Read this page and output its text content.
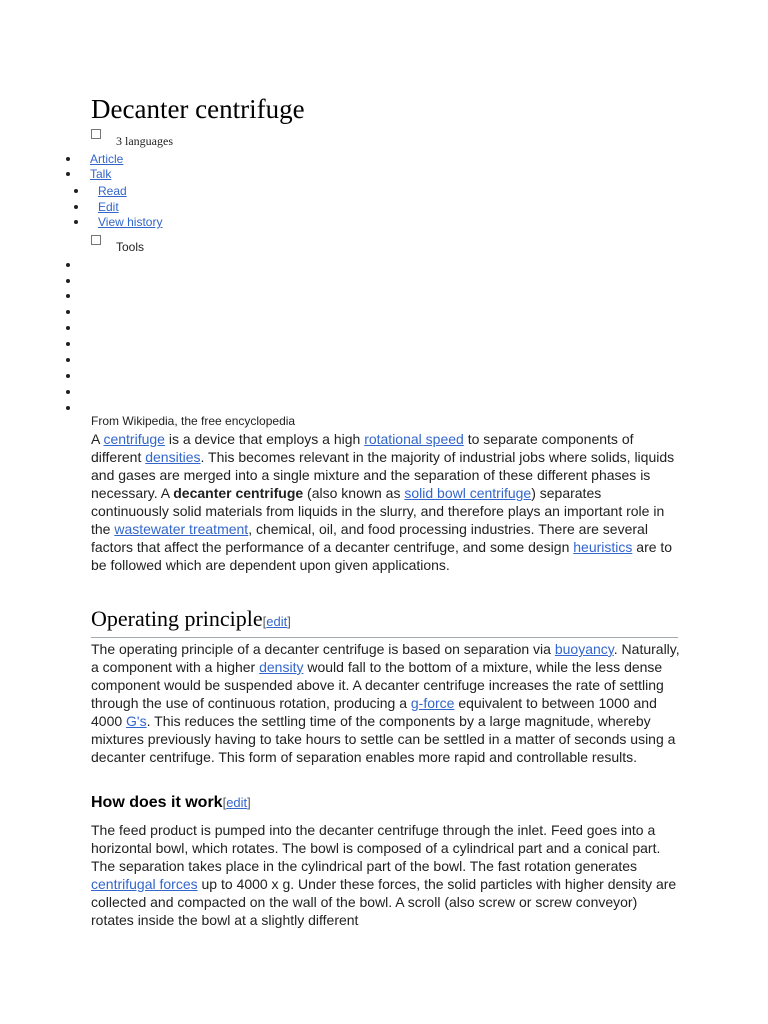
Decanter centrifuge
3 languages
Article
Talk
Read
Edit
View history
Tools

From Wikipedia, the free encyclopedia

A centrifuge is a device that employs a high rotational speed to separate components of different densities. This becomes relevant in the majority of industrial jobs where solids, liquids and gases are merged into a single mixture and the separation of these different phases is necessary. A decanter centrifuge (also known as solid bowl centrifuge) separates continuously solid materials from liquids in the slurry, and therefore plays an important role in the wastewater treatment, chemical, oil, and food processing industries. There are several factors that affect the performance of a decanter centrifuge, and some design heuristics are to be followed which are dependent upon given applications.

Operating principle[edit]

The operating principle of a decanter centrifuge is based on separation via buoyancy. Naturally, a component with a higher density would fall to the bottom of a mixture, while the less dense component would be suspended above it. A decanter centrifuge increases the rate of settling through the use of continuous rotation, producing a g-force equivalent to between 1000 and 4000 G's. This reduces the settling time of the components by a large magnitude, whereby mixtures previously having to take hours to settle can be settled in a matter of seconds using a decanter centrifuge. This form of separation enables more rapid and controllable results.

How does it work[edit]

The feed product is pumped into the decanter centrifuge through the inlet. Feed goes into a horizontal bowl, which rotates. The bowl is composed of a cylindrical part and a conical part. The separation takes place in the cylindrical part of the bowl. The fast rotation generates centrifugal forces up to 4000 x g. Under these forces, the solid particles with higher density are collected and compacted on the wall of the bowl. A scroll (also screw or screw conveyor) rotates inside the bowl at a slightly different
